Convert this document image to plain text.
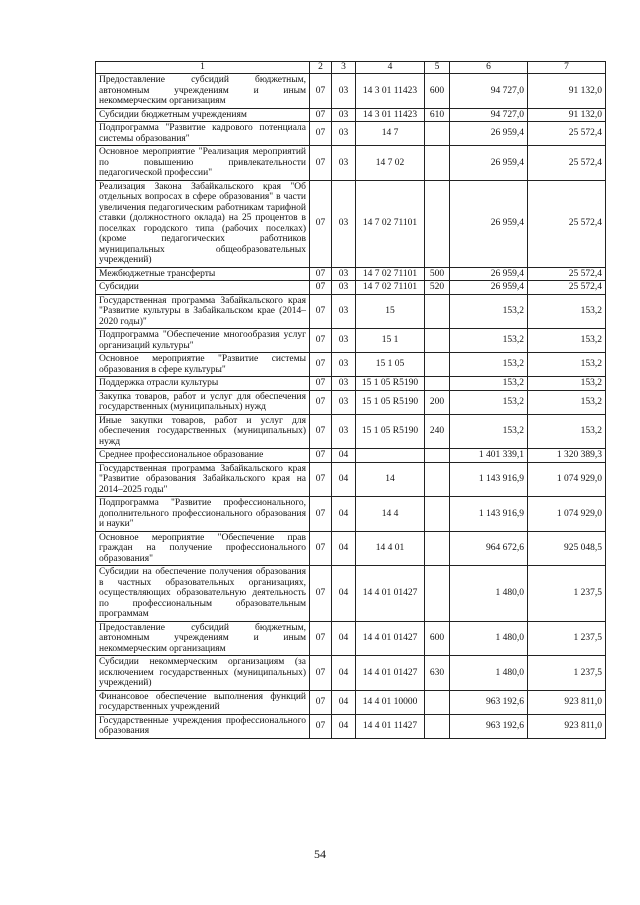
1	2	3	4	5	6	7
Предоставление субсидий бюджетным, автономным учреждениям и иным некоммерческим организациям	07	03	14 3 01 11423	600	94 727,0	91 132,0
Субсидии бюджетным учреждениям	07	03	14 3 01 11423	610	94 727,0	91 132,0
Подпрограмма "Развитие кадрового потенциала системы образования"	07	03	14 7		26 959,4	25 572,4
Основное мероприятие "Реализация мероприятий по повышению привлекательности педагогической профессии"	07	03	14 7 02		26 959,4	25 572,4
Реализация Закона Забайкальского края "Об отдельных вопросах в сфере образования" в части увеличения педагогическим работникам тарифной ставки (должностного оклада) на 25 процентов в поселках городского типа (рабочих поселках) (кроме педагогических работников муниципальных общеобразовательных учреждений)	07	03	14 7 02 71101		26 959,4	25 572,4
Межбюджетные трансферты	07	03	14 7 02 71101	500	26 959,4	25 572,4
Субсидии	07	03	14 7 02 71101	520	26 959,4	25 572,4
Государственная программа Забайкальского края "Развитие культуры в Забайкальском крае (2014–2020 годы)"	07	03	15		153,2	153,2
Подпрограмма "Обеспечение многообразия услуг организаций культуры"	07	03	15 1		153,2	153,2
Основное мероприятие "Развитие системы образования в сфере культуры"	07	03	15 1 05		153,2	153,2
Поддержка отрасли культуры	07	03	15 1 05 R5190		153,2	153,2
Закупка товаров, работ и услуг для обеспечения государственных (муниципальных) нужд	07	03	15 1 05 R5190	200	153,2	153,2
Иные закупки товаров, работ и услуг для обеспечения государственных (муниципальных) нужд	07	03	15 1 05 R5190	240	153,2	153,2
Среднее профессиональное образование	07	04			1 401 339,1	1 320 389,3
Государственная программа Забайкальского края "Развитие образования Забайкальского края на 2014–2025 годы"	07	04	14		1 143 916,9	1 074 929,0
Подпрограмма "Развитие профессионального, дополнительного профессионального образования и науки"	07	04	14 4		1 143 916,9	1 074 929,0
Основное мероприятие "Обеспечение прав граждан на получение профессионального образования"	07	04	14 4 01		964 672,6	925 048,5
Субсидии на обеспечение получения образования в частных образовательных организациях, осуществляющих образовательную деятельность по профессиональным образовательным программам	07	04	14 4 01 01427		1 480,0	1 237,5
Предоставление субсидий бюджетным, автономным учреждениям и иным некоммерческим организациям	07	04	14 4 01 01427	600	1 480,0	1 237,5
Субсидии некоммерческим организациям (за исключением государственных (муниципальных) учреждений)	07	04	14 4 01 01427	630	1 480,0	1 237,5
Финансовое обеспечение выполнения функций государственных учреждений	07	04	14 4 01 10000		963 192,6	923 811,0
Государственные учреждения профессионального образования	07	04	14 4 01 11427		963 192,6	923 811,0
54
